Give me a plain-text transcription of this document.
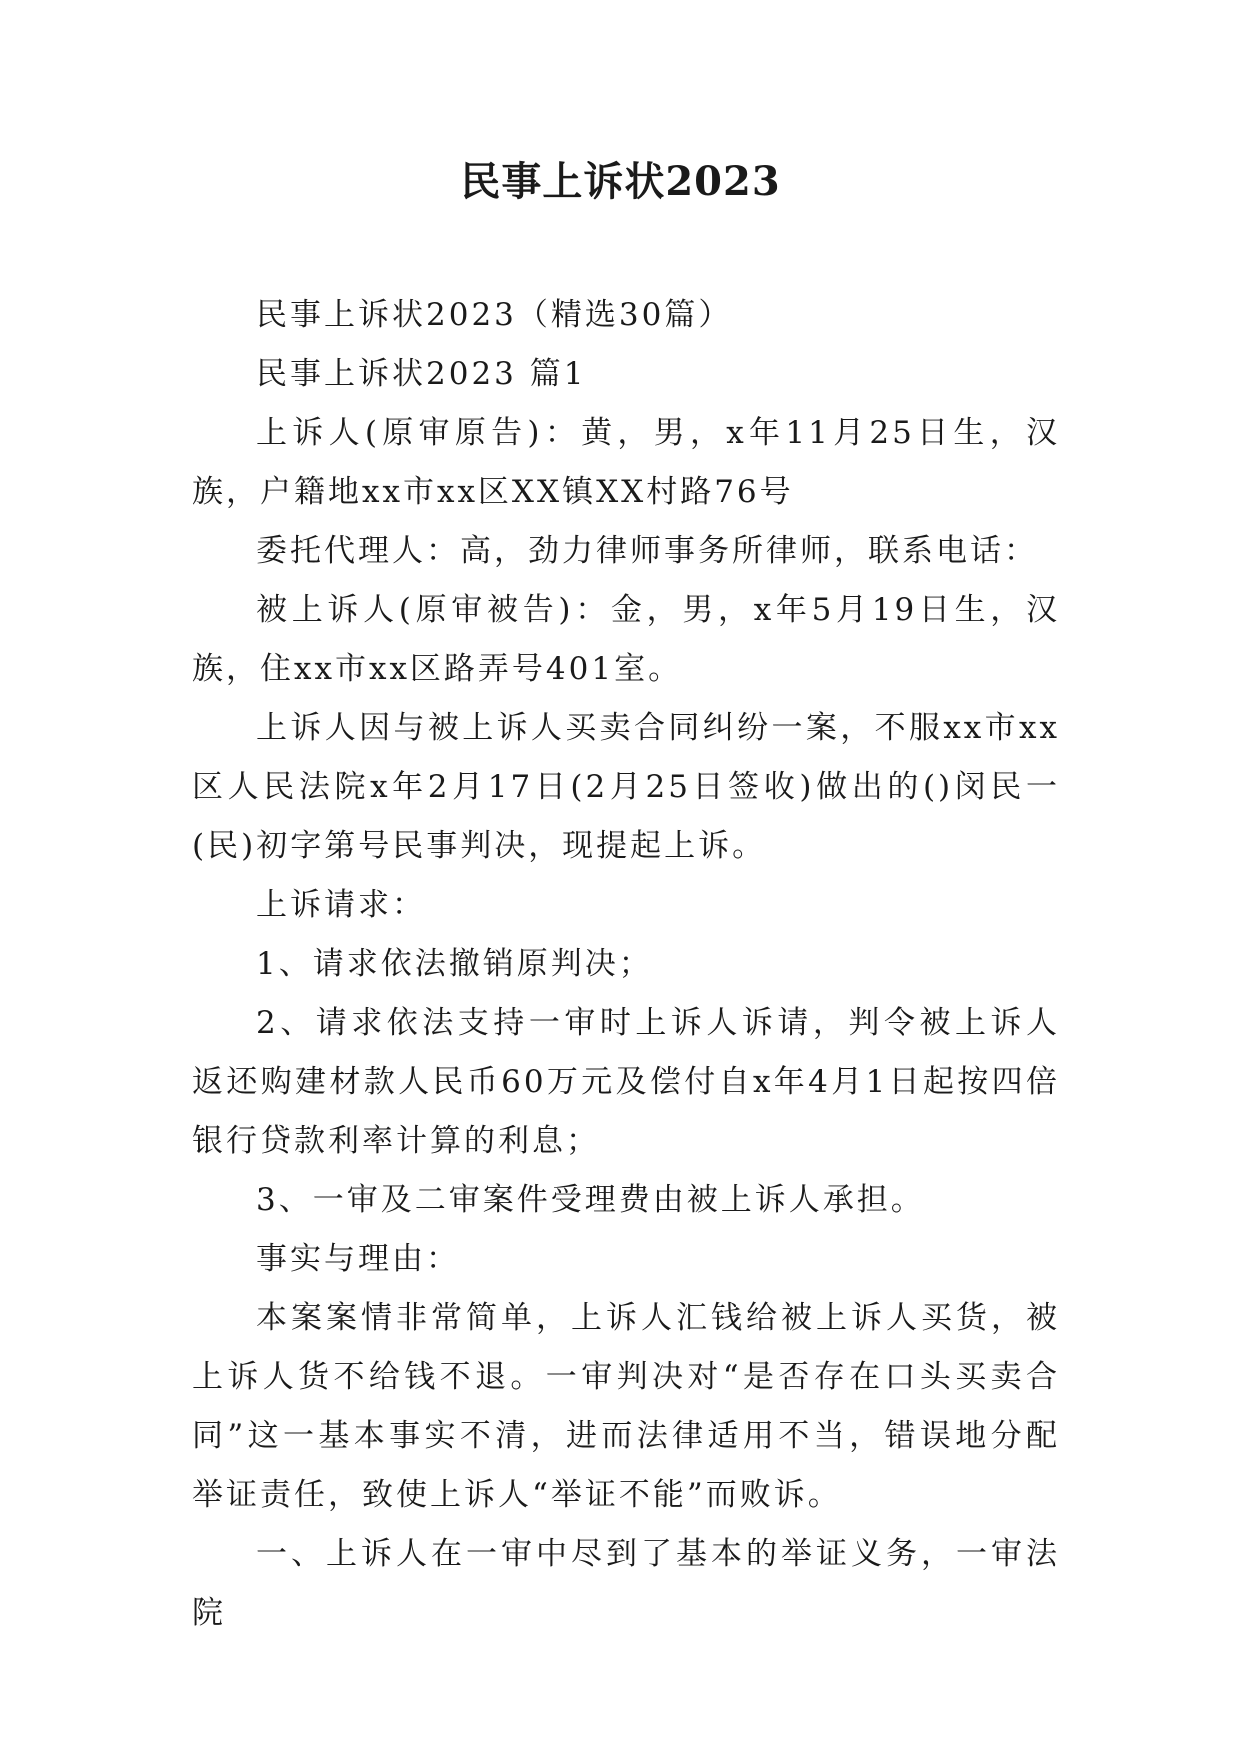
民事上诉状2023

民事上诉状2023（精选30篇）

民事上诉状2023 篇1

上诉人(原审原告)：黄，男，x年11月25日生，汉族，户籍地xx市xx区XX镇XX村路76号

委托代理人：高，劲力律师事务所律师，联系电话：

被上诉人(原审被告)：金，男，x年5月19日生，汉族，住xx市xx区路弄号401室。

上诉人因与被上诉人买卖合同纠纷一案，不服xx市xx区人民法院x年2月17日(2月25日签收)做出的()闵民一(民)初字第号民事判决，现提起上诉。

上诉请求：

1、请求依法撤销原判决；

2、请求依法支持一审时上诉人诉请，判令被上诉人返还购建材款人民币60万元及偿付自x年4月1日起按四倍银行贷款利率计算的利息；

3、一审及二审案件受理费由被上诉人承担。

事实与理由：

本案案情非常简单，上诉人汇钱给被上诉人买货，被上诉人货不给钱不退。一审判决对“是否存在口头买卖合同”这一基本事实不清，进而法律适用不当，错误地分配举证责任，致使上诉人“举证不能”而败诉。

一、上诉人在一审中尽到了基本的举证义务，一审法院
